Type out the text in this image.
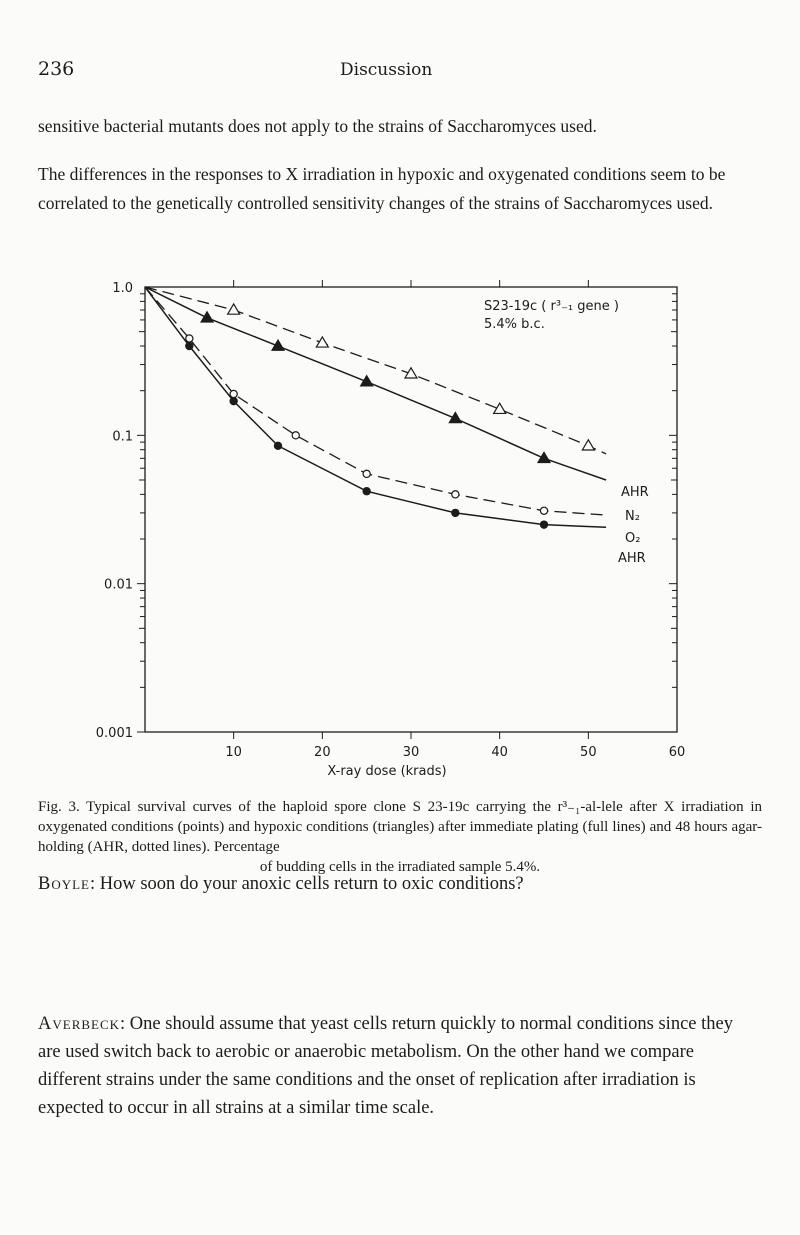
236	Discussion

sensitive bacterial mutants does not apply to the strains of Saccharomyces used.

The differences in the responses to X irradiation in hypoxic and oxygenated conditions seem to be correlated to the genetically controlled sensitivity changes of the strains of Saccharomyces used.

1.0
0.1
0.01
0.001
10	20	30	40	50	60
S23-19c ( r³₋₁ gene )
5.4% b.c.
AHR
N₂
O₂
AHR
X-ray dose (krads)

Fig. 3. Typical survival curves of the haploid spore clone S 23-19c carrying the r³₋₁-al-lele after X irradiation in oxygenated conditions (points) and hypoxic conditions (triangles) after immediate plating (full lines) and 48 hours agar-holding (AHR, dotted lines). Percentage
of budding cells in the irradiated sample 5.4%.

Boyle: How soon do your anoxic cells return to oxic conditions?

Averbeck: One should assume that yeast cells return quickly to normal conditions since they are used switch back to aerobic or anaerobic metabolism. On the other hand we compare different strains under the same conditions and the onset of replication after irradiation is expected to occur in all strains at a similar time scale.
